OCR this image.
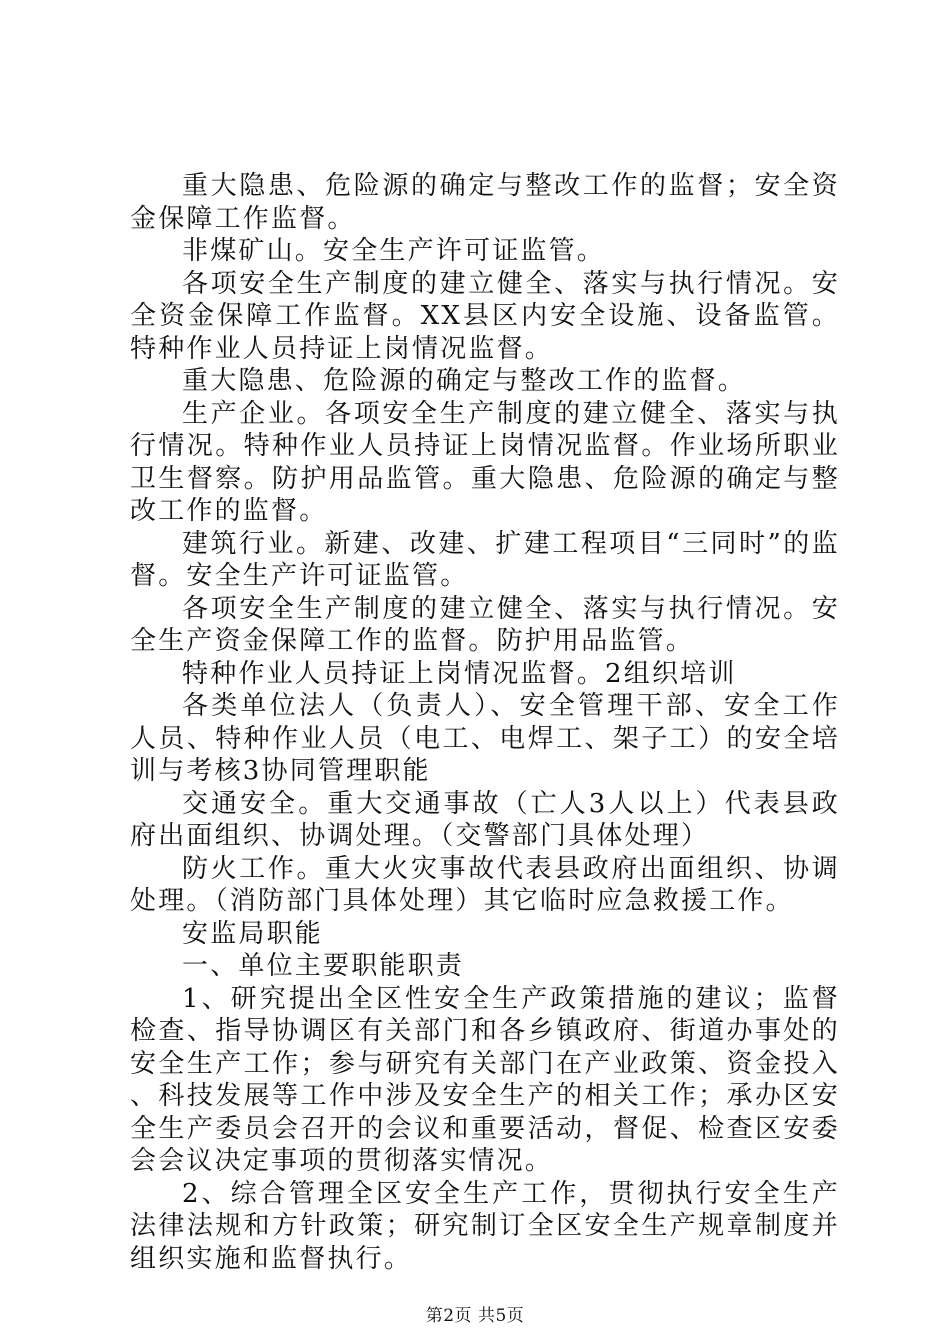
重大隐患、危险源的确定与整改工作的监督；安全资金保障工作监督。

非煤矿山。安全生产许可证监管。

各项安全生产制度的建立健全、落实与执行情况。安全资金保障工作监督。XX县区内安全设施、设备监管。特种作业人员持证上岗情况监督。

重大隐患、危险源的确定与整改工作的监督。

生产企业。各项安全生产制度的建立健全、落实与执行情况。特种作业人员持证上岗情况监督。作业场所职业卫生督察。防护用品监管。重大隐患、危险源的确定与整改工作的监督。

建筑行业。新建、改建、扩建工程项目“三同时”的监督。安全生产许可证监管。

各项安全生产制度的建立健全、落实与执行情况。安全生产资金保障工作的监督。防护用品监管。

特种作业人员持证上岗情况监督。2组织培训

各类单位法人（负责人）、安全管理干部、安全工作人员、特种作业人员（电工、电焊工、架子工）的安全培训与考核3协同管理职能

交通安全。重大交通事故（亡人3人以上）代表县政府出面组织、协调处理。（交警部门具体处理）

防火工作。重大火灾事故代表县政府出面组织、协调处理。（消防部门具体处理）其它临时应急救援工作。

安监局职能

一、单位主要职能职责

1、研究提出全区性安全生产政策措施的建议；监督检查、指导协调区有关部门和各乡镇政府、街道办事处的安全生产工作；参与研究有关部门在产业政策、资金投入、科技发展等工作中涉及安全生产的相关工作；承办区安全生产委员会召开的会议和重要活动，督促、检查区安委会会议决定事项的贯彻落实情况。

2、综合管理全区安全生产工作，贯彻执行安全生产法律法规和方针政策；研究制订全区安全生产规章制度并组织实施和监督执行。

第2页 共5页
